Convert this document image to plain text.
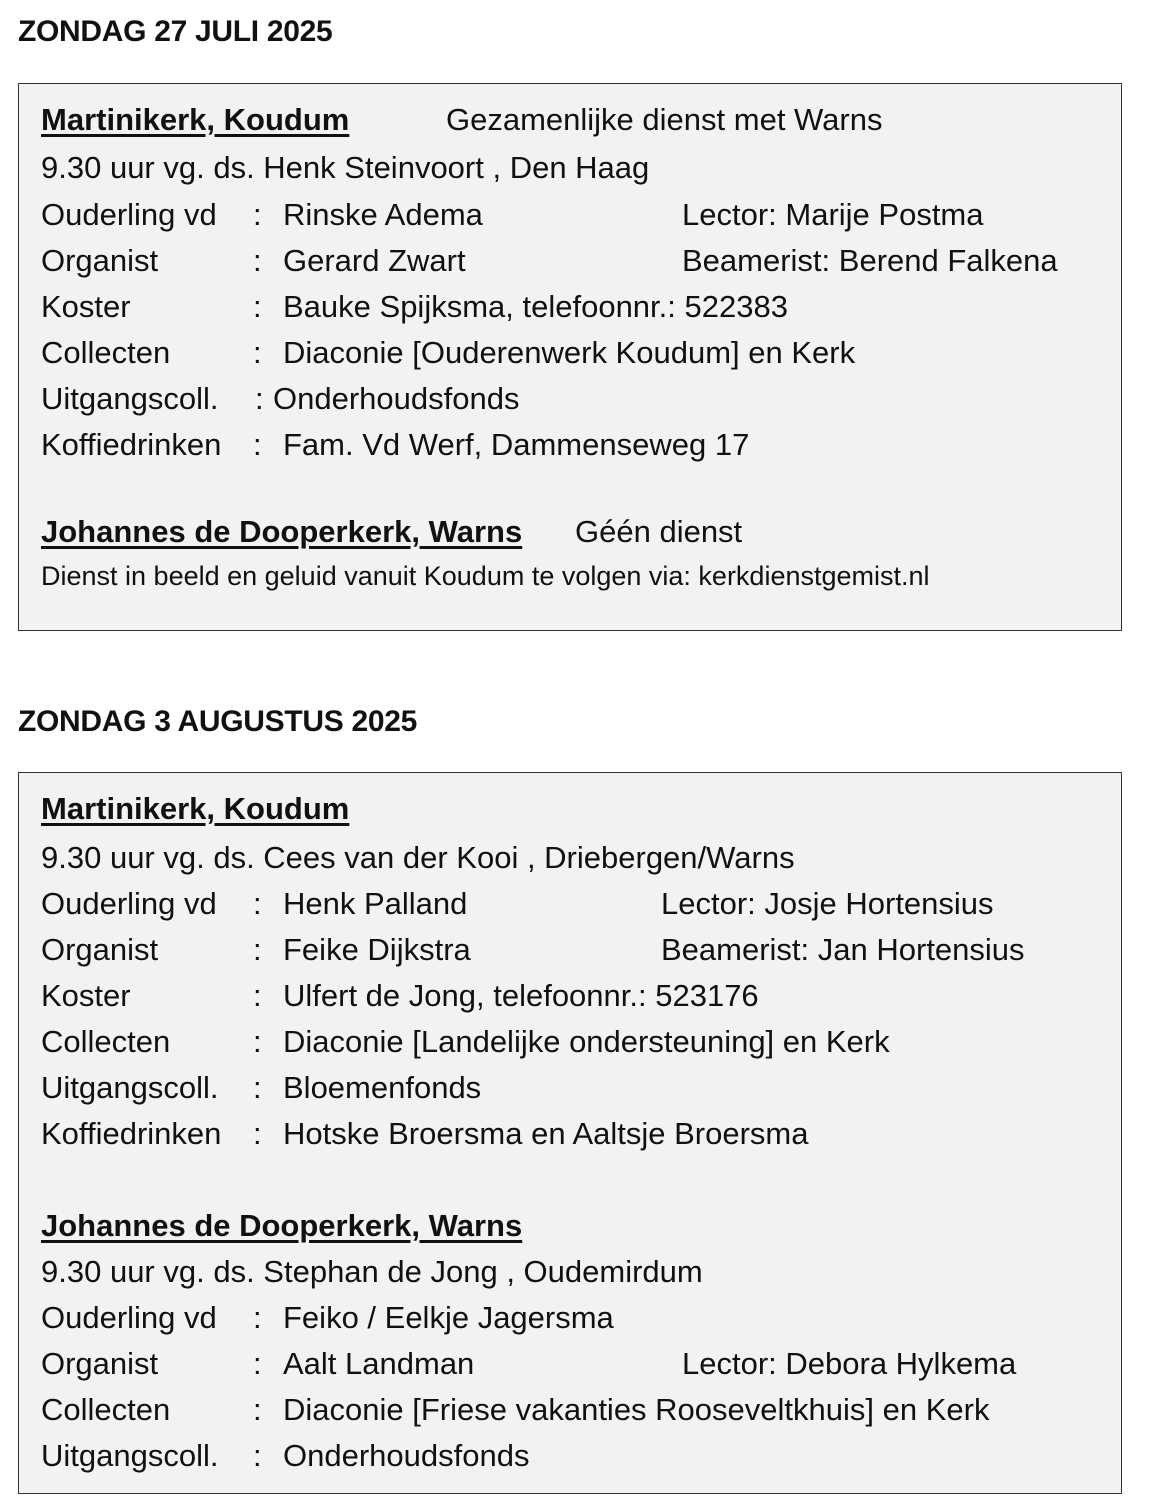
ZONDAG 27 JULI 2025
Martinikerk, Koudum	Gezamenlijke dienst met Warns
9.30 uur vg. ds. Henk Steinvoort , Den Haag
Ouderling vd : Rinske Adema	Lector: Marije Postma
Organist	: Gerard Zwart	Beamerist: Berend Falkena
Koster	: Bauke Spijksma, telefoonnr.: 522383
Collecten	: Diaconie [Ouderenwerk Koudum] en Kerk
Uitgangscoll. : Onderhoudsfonds
Koffiedrinken : Fam. Vd Werf, Dammenseweg 17
Johannes de Dooperkerk, Warns Géén dienst
Dienst in beeld en geluid vanuit Koudum te volgen via: kerkdienstgemist.nl
ZONDAG 3 AUGUSTUS 2025
Martinikerk, Koudum
9.30 uur vg. ds. Cees van der Kooi , Driebergen/Warns
Ouderling vd : Henk Palland	Lector: Josje Hortensius
Organist	: Feike Dijkstra	Beamerist: Jan Hortensius
Koster	: Ulfert de Jong, telefoonnr.: 523176
Collecten	: Diaconie [Landelijke ondersteuning] en Kerk
Uitgangscoll. : Bloemenfonds
Koffiedrinken : Hotske Broersma en Aaltsje Broersma
Johannes de Dooperkerk, Warns
9.30 uur vg. ds. Stephan de Jong , Oudemirdum
Ouderling vd : Feiko / Eelkje Jagersma
Organist	: Aalt Landman	Lector: Debora Hylkema
Collecten	: Diaconie [Friese vakanties Rooseveltkhuis] en Kerk
Uitgangscoll. : Onderhoudsfonds
